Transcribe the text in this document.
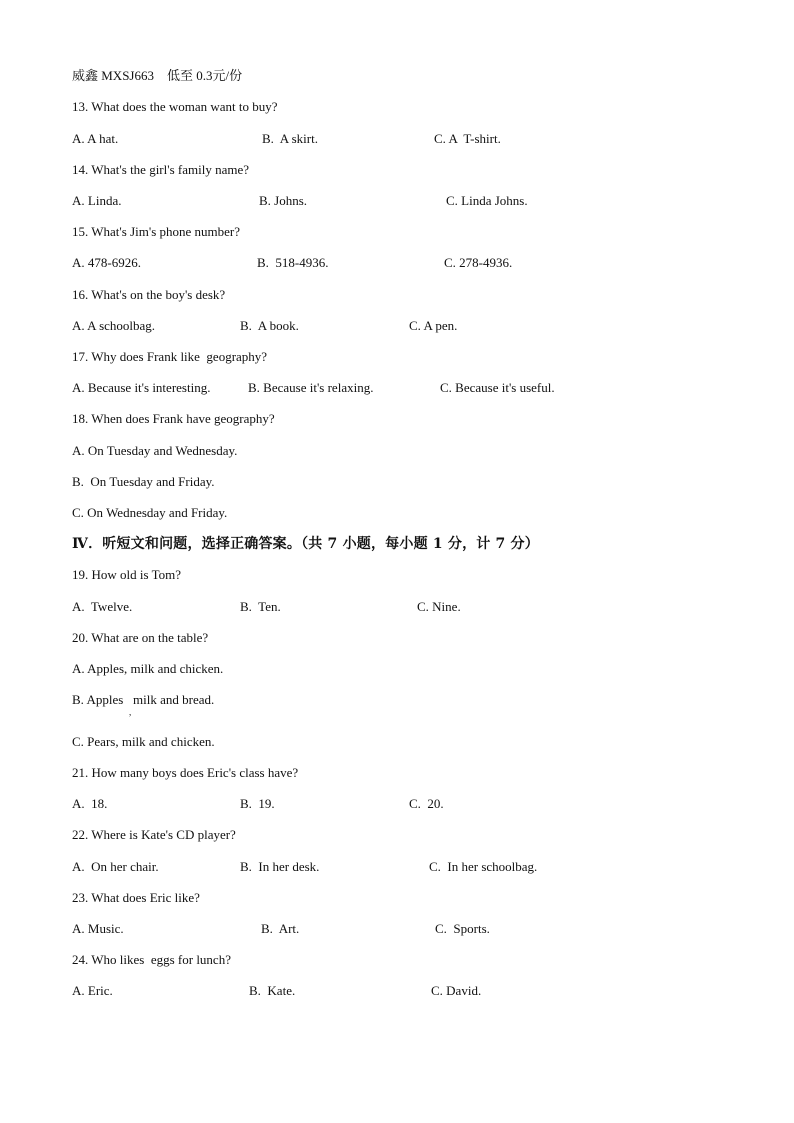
威鑫 MXSJ663    低至 0.3元/份
13. What does the woman want to buy?
A. A hat.	B.  A skirt.	C. A  T-shirt.
14. What's the girl's family name?
A. Linda.	B. Johns.	C. Linda Johns.
15. What's Jim's phone number?
A. 478-6926.	B.  518-4936.	C. 278-4936.
16. What's on the boy's desk?
A. A schoolbag.	B.  A book.	C. A pen.
17. Why does Frank like  geography?
A. Because it's interesting.	B. Because it's relaxing.	C. Because it's useful.
18. When does Frank have geography?
A. On Tuesday and Wednesday.
B.  On Tuesday and Friday.
C. On Wednesday and Friday.
Ⅳ．听短文和问题，选择正确答案。（共 7 小题，每小题 1 分，计 7 分）
19. How old is Tom?
A.  Twelve.	B.  Ten.	C. Nine.
20. What are on the table?
A. Apples, milk and chicken.
B. Apples   milk and bread.
,
C. Pears, milk and chicken.
21. How many boys does Eric's class have?
A.  18.	B.  19.	C.  20.
22. Where is Kate's CD player?
A.  On her chair.	B.  In her desk.	C.  In her schoolbag.
23. What does Eric like?
A. Music.	B.  Art.	C.  Sports.
24. Who likes  eggs for lunch?
A. Eric.	B.  Kate.	C. David.
